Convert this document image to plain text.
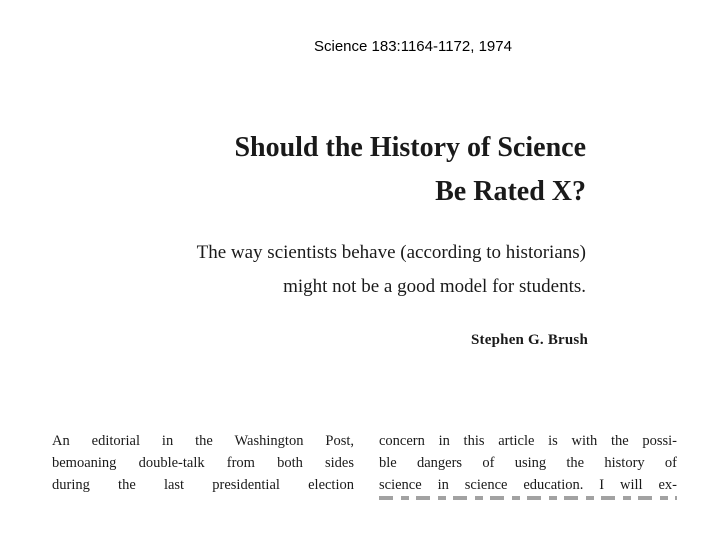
Science 183:1164-1172, 1974
Should the History of Science
Be Rated X?
The way scientists behave (according to historians)
might not be a good model for students.
Stephen G. Brush
An editorial in the Washington Post,
bemoaning double-talk from both sides
during the last presidential election
concern in this article is with the possi-
ble dangers of using the history of
science in science education. I will ex-
